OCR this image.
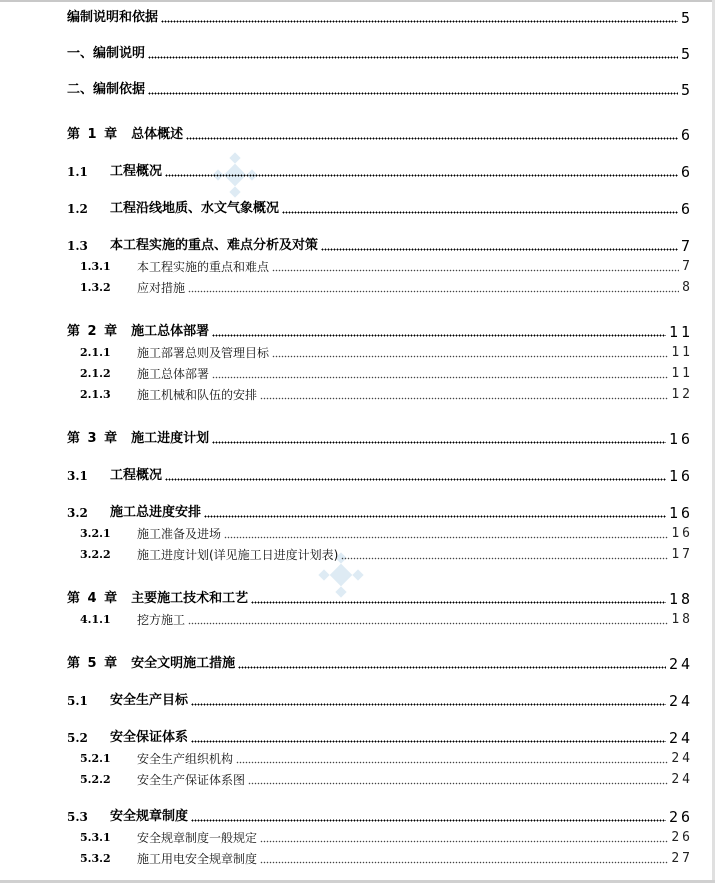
编制说明和依据	5
一、编制说明	5
二、编制依据	5
第 1 章 总体概述	6
1.1	工程概况	6
1.2	工程沿线地质、水文气象概况	6
1.3	本工程实施的重点、难点分析及对策	7
1.3.1	本工程实施的重点和难点	7
1.3.2	应对措施	8
第 2 章 施工总体部署	11
2.1.1	施工部署总则及管理目标	11
2.1.2	施工总体部署	11
2.1.3	施工机械和队伍的安排	12
第 3 章 施工进度计划	16
3.1	工程概况	16
3.2	施工总进度安排	16
3.2.1	施工准备及进场	16
3.2.2	施工进度计划(详见施工日进度计划表)	17
第 4 章 主要施工技术和工艺	18
4.1.1	挖方施工	18
第 5 章 安全文明施工措施	24
5.1	安全生产目标	24
5.2	安全保证体系	24
5.2.1	安全生产组织机构	24
5.2.2	安全生产保证体系图	24
5.3	安全规章制度	26
5.3.1	安全规章制度一般规定	26
5.3.2	施工用电安全规章制度	27
